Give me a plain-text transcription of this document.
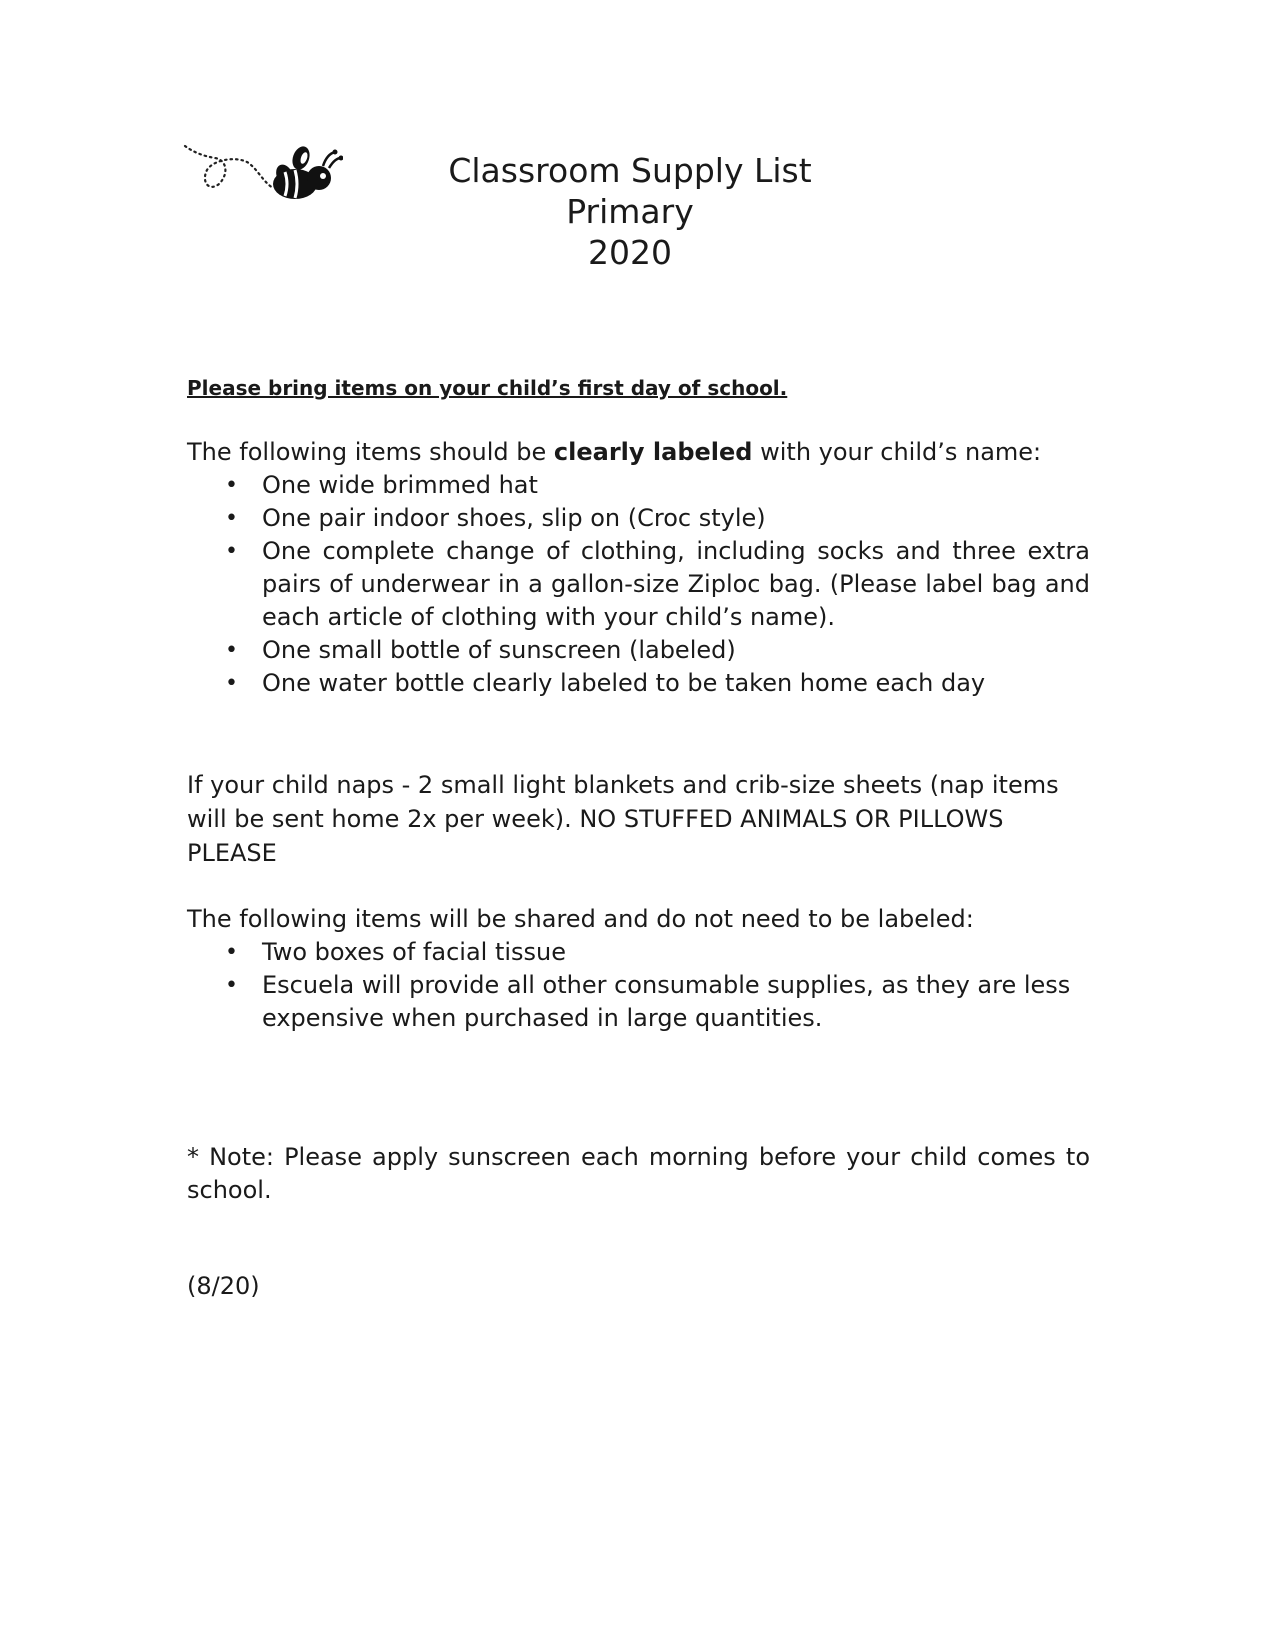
Classroom Supply List
Primary
2020

Please bring items on your child’s first day of school.

The following items should be clearly labeled with your child’s name:

• One wide brimmed hat
• One pair indoor shoes, slip on (Croc style)
• One complete change of clothing, including socks and three extra pairs of underwear in a gallon-size Ziploc bag. (Please label bag and each article of clothing with your child’s name).
• One small bottle of sunscreen (labeled)
• One water bottle clearly labeled to be taken home each day

If your child naps - 2 small light blankets and crib-size sheets (nap items will be sent home 2x per week). NO STUFFED ANIMALS OR PILLOWS PLEASE

The following items will be shared and do not need to be labeled:

• Two boxes of facial tissue
• Escuela will provide all other consumable supplies, as they are less expensive when purchased in large quantities.

* Note: Please apply sunscreen each morning before your child comes to school.

(8/20)
